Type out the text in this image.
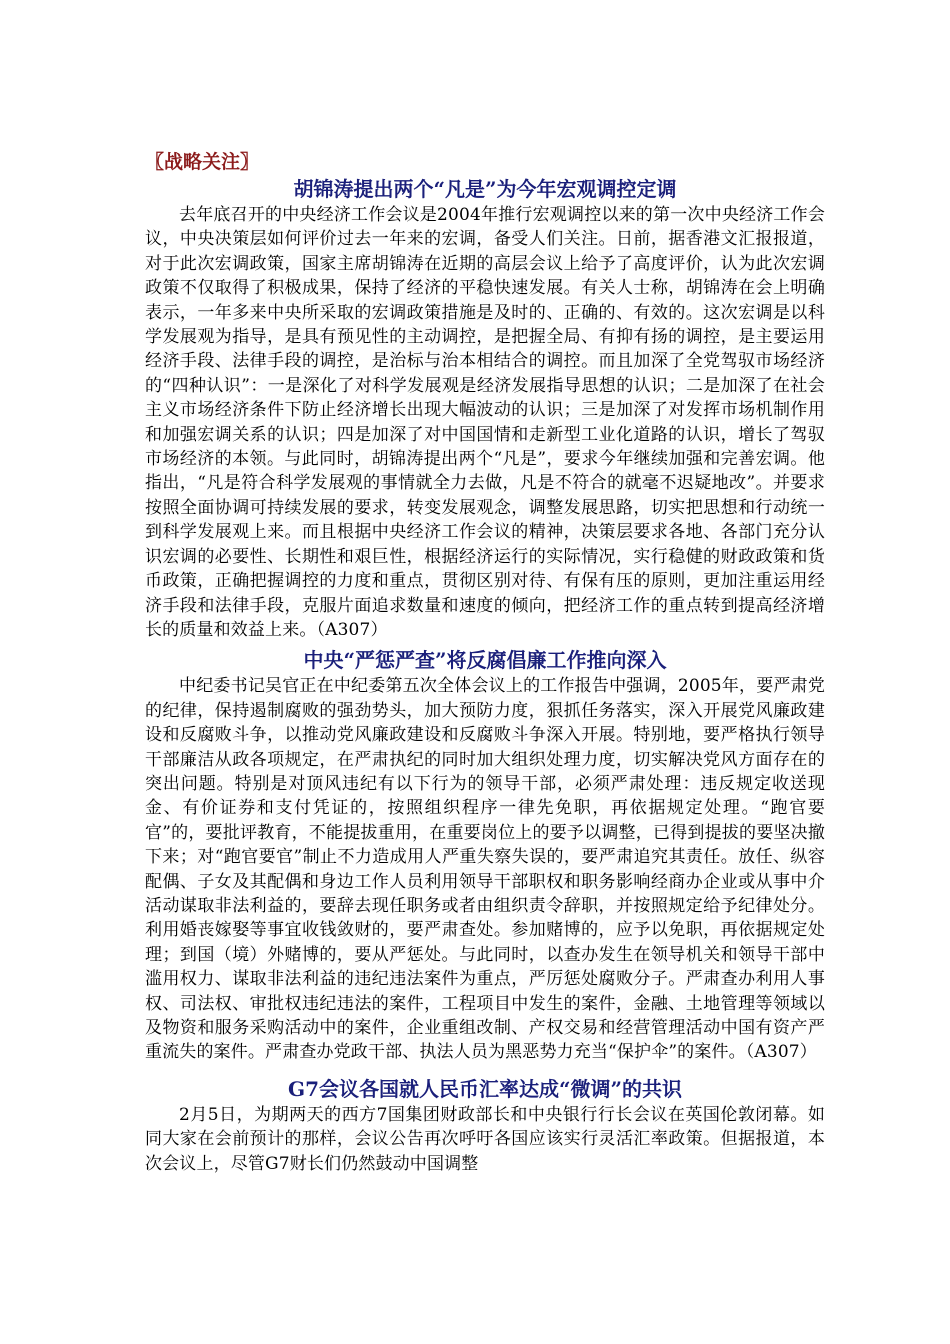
〖战略关注〗
胡锦涛提出两个“凡是”为今年宏观调控定调

去年底召开的中央经济工作会议是2004年推行宏观调控以来的第一次中央经济工作会议，中央决策层如何评价过去一年来的宏调，备受人们关注。日前，据香港文汇报报道，对于此次宏调政策，国家主席胡锦涛在近期的高层会议上给予了高度评价，认为此次宏调政策不仅取得了积极成果，保持了经济的平稳快速发展。有关人士称，胡锦涛在会上明确表示，一年多来中央所采取的宏调政策措施是及时的、正确的、有效的。这次宏调是以科学发展观为指导，是具有预见性的主动调控，是把握全局、有抑有扬的调控，是主要运用经济手段、法律手段的调控，是治标与治本相结合的调控。而且加深了全党驾驭市场经济的“四种认识”：一是深化了对科学发展观是经济发展指导思想的认识；二是加深了在社会主义市场经济条件下防止经济增长出现大幅波动的认识；三是加深了对发挥市场机制作用和加强宏调关系的认识；四是加深了对中国国情和走新型工业化道路的认识，增长了驾驭市场经济的本领。与此同时，胡锦涛提出两个“凡是”，要求今年继续加强和完善宏调。他指出，“凡是符合科学发展观的事情就全力去做，凡是不符合的就毫不迟疑地改”。并要求按照全面协调可持续发展的要求，转变发展观念，调整发展思路，切实把思想和行动统一到科学发展观上来。而且根据中央经济工作会议的精神，决策层要求各地、各部门充分认识宏调的必要性、长期性和艰巨性，根据经济运行的实际情况，实行稳健的财政政策和货币政策，正确把握调控的力度和重点，贯彻区别对待、有保有压的原则，更加注重运用经济手段和法律手段，克服片面追求数量和速度的倾向，把经济工作的重点转到提高经济增长的质量和效益上来。（A307）

中央“严惩严查”将反腐倡廉工作推向深入

中纪委书记吴官正在中纪委第五次全体会议上的工作报告中强调，2005年，要严肃党的纪律，保持遏制腐败的强劲势头，加大预防力度，狠抓任务落实，深入开展党风廉政建设和反腐败斗争，以推动党风廉政建设和反腐败斗争深入开展。特别地，要严格执行领导干部廉洁从政各项规定，在严肃执纪的同时加大组织处理力度，切实解决党风方面存在的突出问题。特别是对顶风违纪有以下行为的领导干部，必须严肃处理：违反规定收送现金、有价证券和支付凭证的，按照组织程序一律先免职，再依据规定处理。“跑官要官”的，要批评教育，不能提拔重用，在重要岗位上的要予以调整，已得到提拔的要坚决撤下来；对“跑官要官”制止不力造成用人严重失察失误的，要严肃追究其责任。放任、纵容配偶、子女及其配偶和身边工作人员利用领导干部职权和职务影响经商办企业或从事中介活动谋取非法利益的，要辞去现任职务或者由组织责令辞职，并按照规定给予纪律处分。利用婚丧嫁娶等事宜收钱敛财的，要严肃查处。参加赌博的，应予以免职，再依据规定处理；到国（境）外赌博的，要从严惩处。与此同时，以查办发生在领导机关和领导干部中滥用权力、谋取非法利益的违纪违法案件为重点，严厉惩处腐败分子。严肃查办利用人事权、司法权、审批权违纪违法的案件，工程项目中发生的案件，金融、土地管理等领域以及物资和服务采购活动中的案件，企业重组改制、产权交易和经营管理活动中国有资产严重流失的案件。严肃查办党政干部、执法人员为黑恶势力充当“保护伞”的案件。（A307）

G7会议各国就人民币汇率达成“微调”的共识

2月5日，为期两天的西方7国集团财政部长和中央银行行长会议在英国伦敦闭幕。如同大家在会前预计的那样，会议公告再次呼吁各国应该实行灵活汇率政策。但据报道，本次会议上，尽管G7财长们仍然鼓动中国调整
